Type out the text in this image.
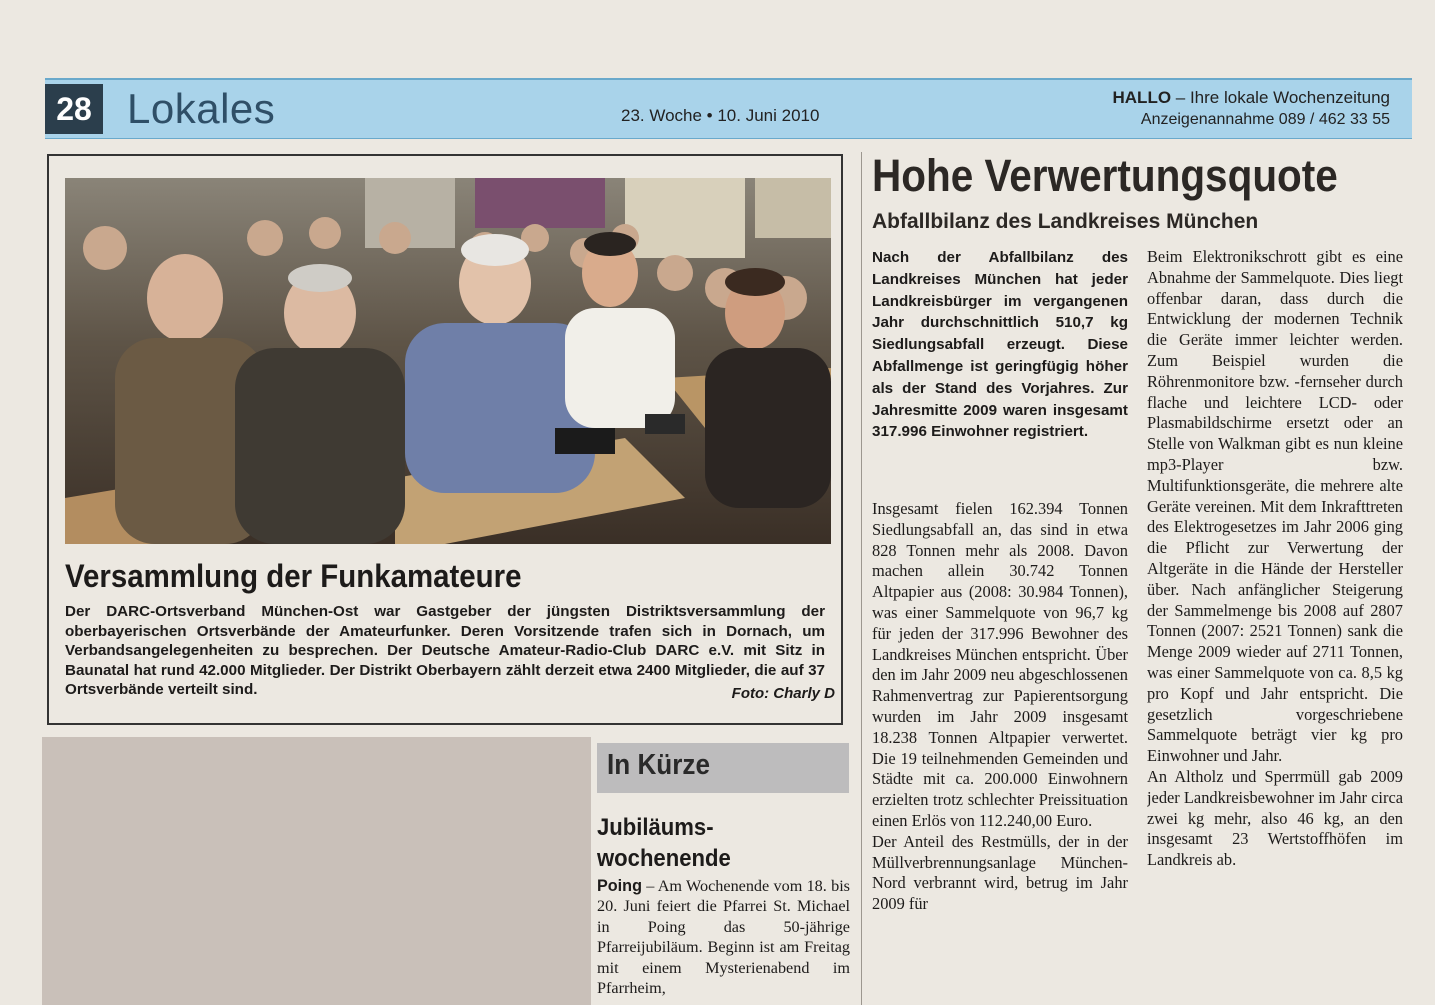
28 Lokales	23. Woche • 10. Juni 2010
HALLO – Ihre lokale Wochenzeitung
Anzeigenannahme 089 / 462 33 55
Versammlung der Funkamateure
Der DARC-Ortsverband München-Ost war Gastgeber der jüngsten Distriktsversammlung der oberbayerischen Ortsverbände der Amateurfunker. Deren Vorsitzende trafen sich in Dornach, um Verbandsangelegenheiten zu besprechen. Der Deutsche Amateur-Radio-Club DARC e.V. mit Sitz in Baunatal hat rund 42.000 Mitglieder. Der Distrikt Oberbayern zählt derzeit etwa 2400 Mitglieder, die auf 37 Ortsverbände verteilt sind.	Foto: Charly D
In Kürze
Jubiläums-wochenende
Poing – Am Wochenende vom 18. bis 20. Juni feiert die Pfarrei St. Michael in Poing das 50-jährige Pfarreijubiläum. Beginn ist am Freitag mit einem Mysterienabend im Pfarrheim,
Hohe Verwertungsquote
Abfallbilanz des Landkreises München
Nach der Abfallbilanz des Landkreises München hat jeder Landkreisbürger im vergangenen Jahr durchschnittlich 510,7 kg Siedlungsabfall erzeugt. Diese Abfallmenge ist geringfügig höher als der Stand des Vorjahres. Zur Jahresmitte 2009 waren insgesamt 317.996 Einwohner registriert.

Insgesamt fielen 162.394 Tonnen Siedlungsabfall an, das sind in etwa 828 Tonnen mehr als 2008. Davon machen allein 30.742 Tonnen Altpapier aus (2008: 30.984 Tonnen), was einer Sammelquote von 96,7 kg für jeden der 317.996 Bewohner des Landkreises München entspricht. Über den im Jahr 2009 neu abgeschlossenen Rahmenvertrag zur Papierentsorgung wurden im Jahr 2009 insgesamt 18.238 Tonnen Altpapier verwertet. Die 19 teilnehmenden Gemeinden und Städte mit ca. 200.000 Einwohnern erzielten trotz schlechter Preissituation einen Erlös von 112.240,00 Euro.

Der Anteil des Restmülls, der in der Müllverbrennungsanlage München-Nord verbrannt wird, betrug im Jahr 2009 für

Beim Elektronikschrott gibt es eine Abnahme der Sammelquote. Dies liegt offenbar daran, dass durch die Entwicklung der modernen Technik die Geräte immer leichter werden. Zum Beispiel wurden die Röhrenmonitore bzw. -fernseher durch flache und leichtere LCD- oder Plasmabildschirme ersetzt oder an Stelle von Walkman gibt es nun kleine mp3-Player bzw. Multifunktionsgeräte, die mehrere alte Geräte vereinen. Mit dem Inkrafttreten des Elektrogesetzes im Jahr 2006 ging die Pflicht zur Verwertung der Altgeräte in die Hände der Hersteller über. Nach anfänglicher Steigerung der Sammelmenge bis 2008 auf 2807 Tonnen (2007: 2521 Tonnen) sank die Menge 2009 wieder auf 2711 Tonnen, was einer Sammelquote von ca. 8,5 kg pro Kopf und Jahr entspricht. Die gesetzlich vorgeschriebene Sammelquote beträgt vier kg pro Einwohner und Jahr.

An Altholz und Sperrmüll gab 2009 jeder Landkreisbewohner im Jahr circa zwei kg mehr, also 46 kg, an den insgesamt 23 Wertstoffhöfen im Landkreis ab.
